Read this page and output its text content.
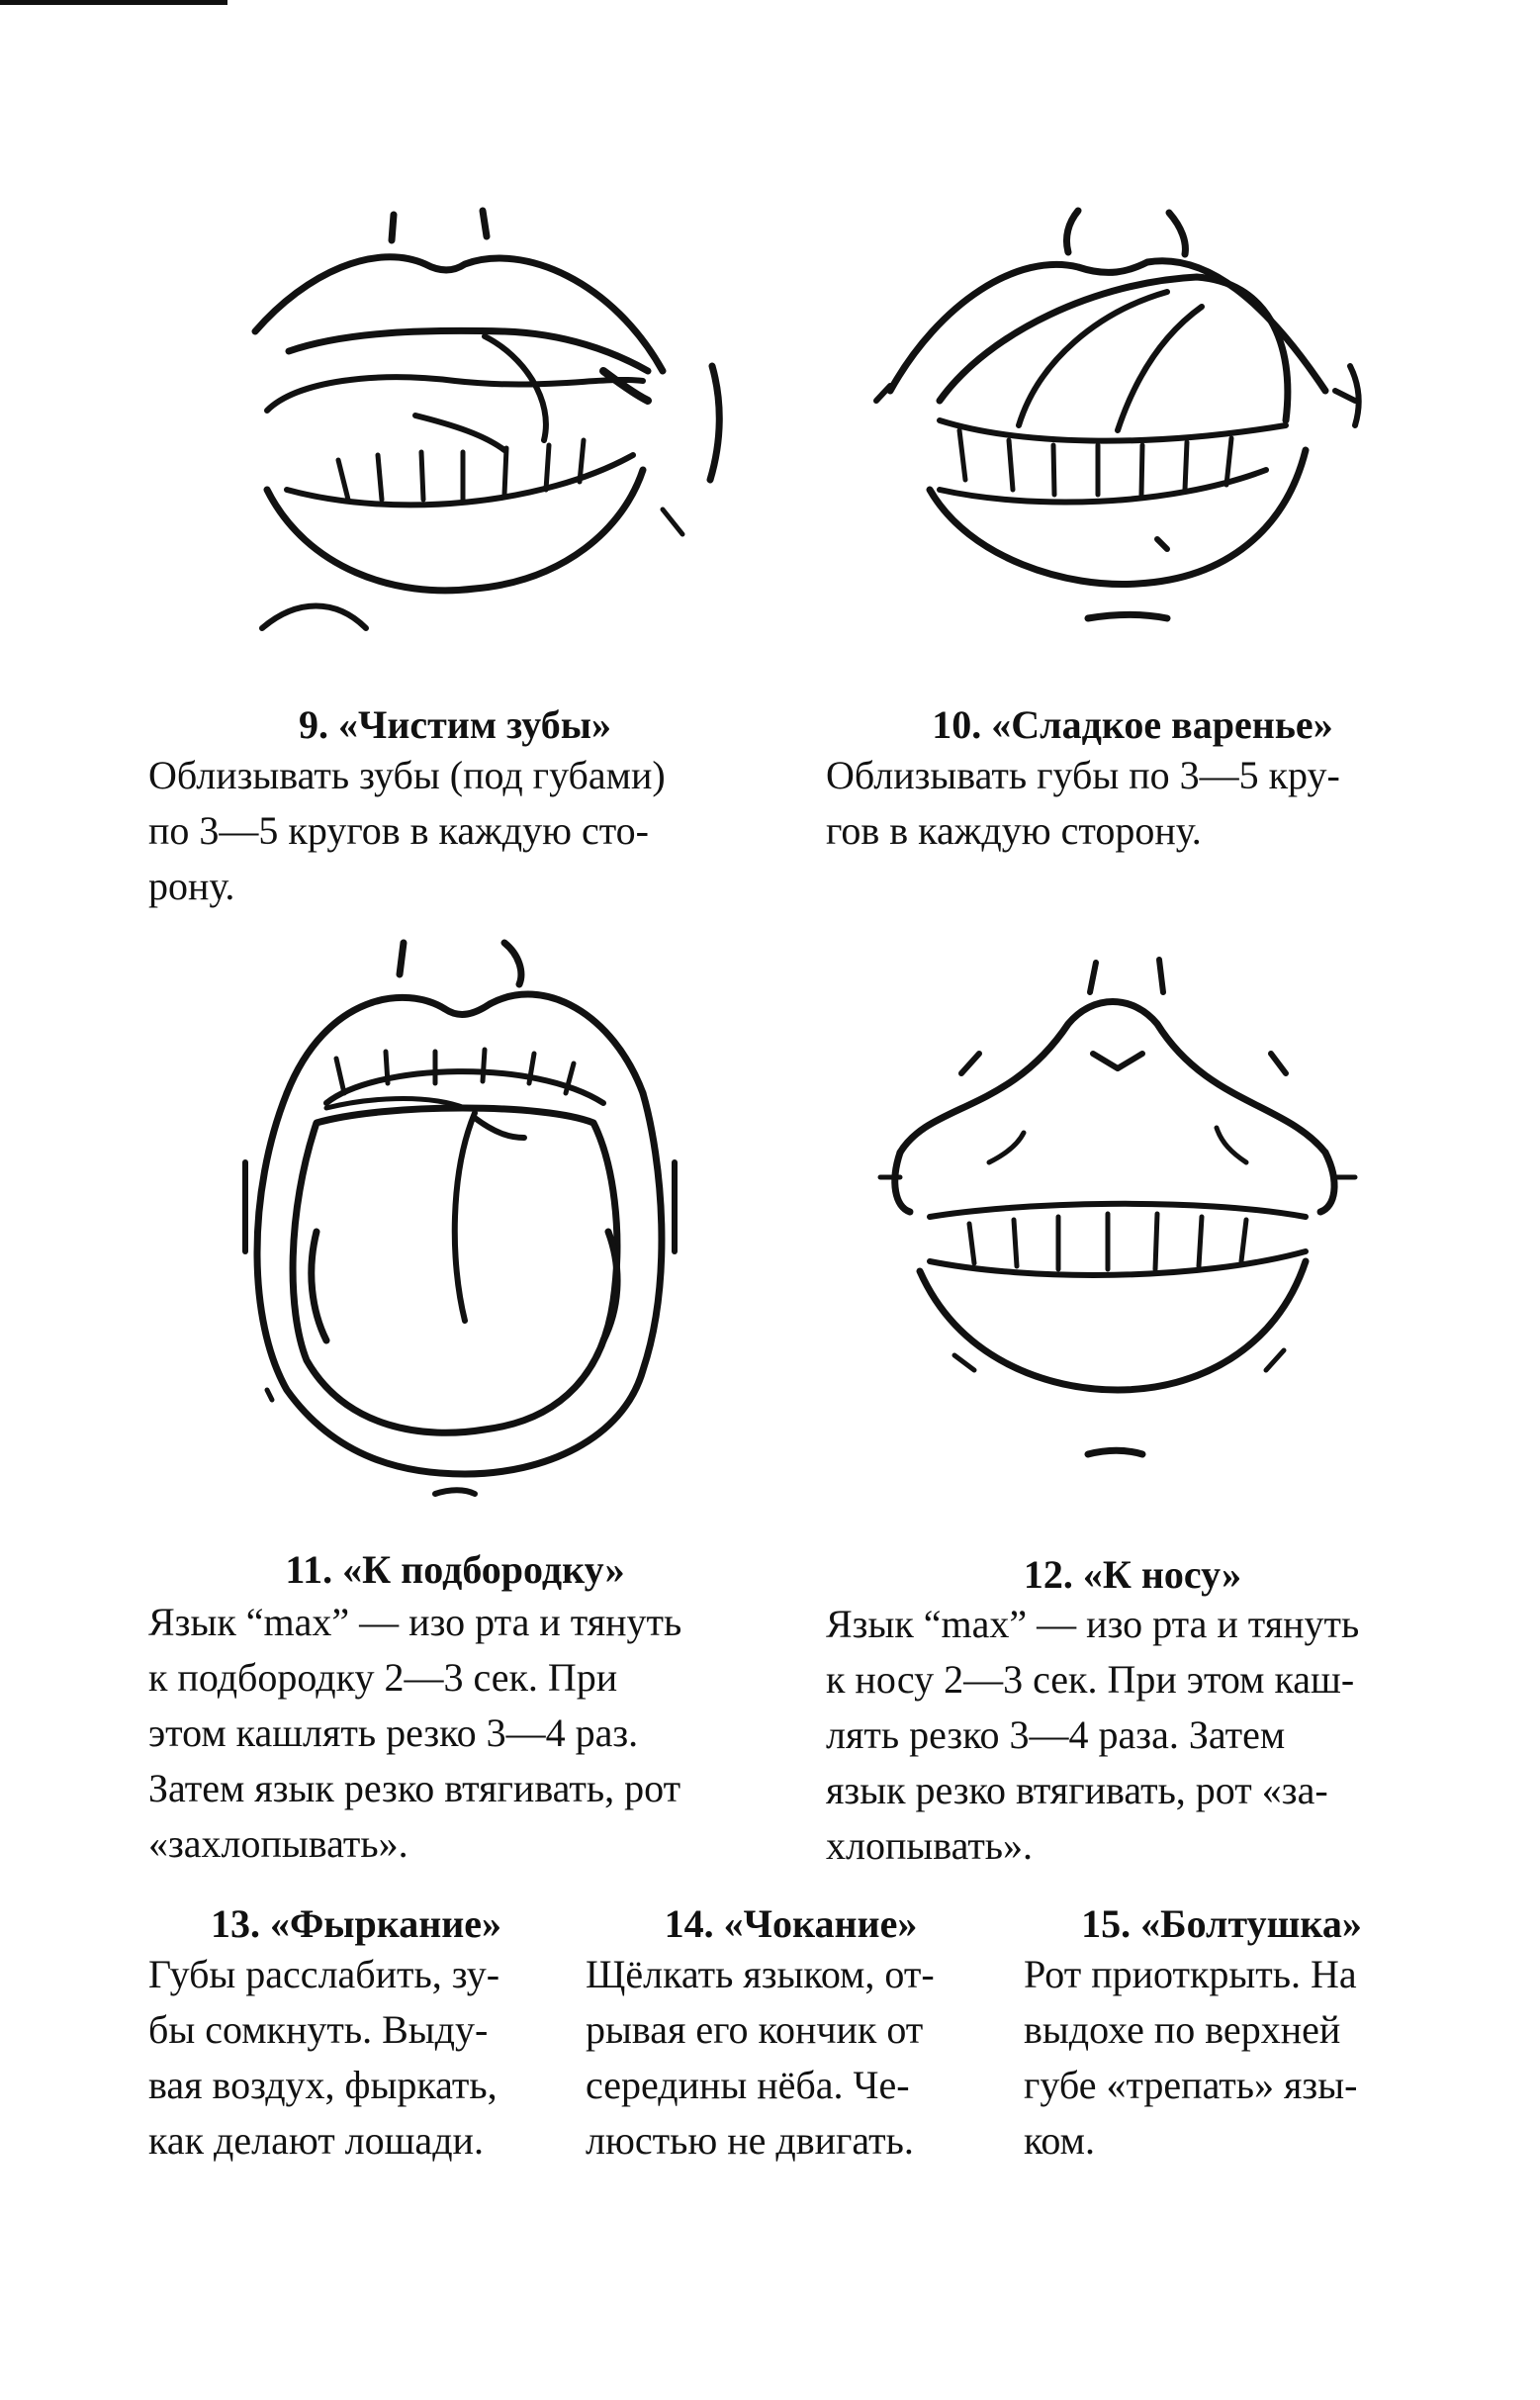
9. «Чистим зубы»

Облизывать зубы (под губами)
по 3—5 кругов в каждую сто-
рону.

10. «Сладкое варенье»

Облизывать губы по 3—5 кру-
гов в каждую сторону.

11. «К подбородку»

Язык “max” — изо рта и тянуть
к подбородку 2—3 сек. При
этом кашлять резко 3—4 раз.
Затем язык резко втягивать, рот
«захлопывать».

12. «К носу»

Язык “max” — изо рта и тянуть
к носу 2—3 сек. При этом каш-
лять резко 3—4 раза. Затем
язык резко втягивать, рот «за-
хлопывать».

13. «Фыркание»

Губы расслабить, зу-
бы сомкнуть. Выду-
вая воздух, фыркать,
как делают лошади.

14. «Чокание»

Щёлкать языком, от-
рывая его кончик от
середины нёба. Че-
люстью не двигать.

15. «Болтушка»

Рот приоткрыть. На
выдохе по верхней
губе «трепать» язы-
ком.
